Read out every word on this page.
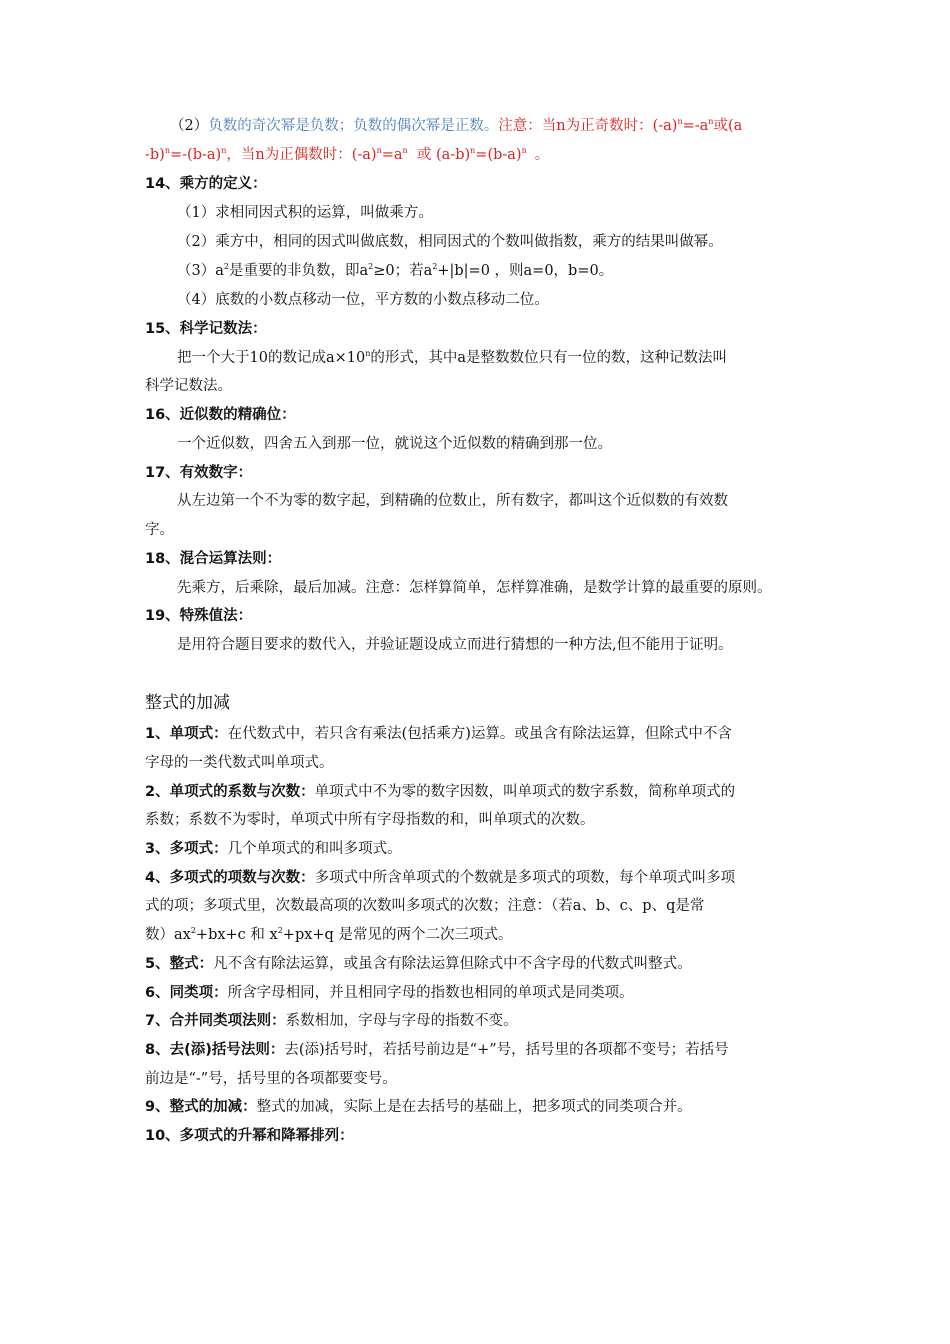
（2）负数的奇次幂是负数；负数的偶次幂是正数。注意：当n为正奇数时：$(-a)^n=-a^n$或(a
$-b)^n=-(b-a)^n$，当n为正偶数时：$(-a)^n=a^n$  或 $(a-b)^n=(b-a)^n$ 。
14、乘方的定义：
（1）求相同因式积的运算，叫做乘方。
（2）乘方中，相同的因式叫做底数，相同因式的个数叫做指数，乘方的结果叫做幂。
$(3)a^2$是重要的非负数，即$a^2\ge 0$；若$a^2+|b|=0$ ，则a=0，b=0。
（4）底数的小数点移动一位，平方数的小数点移动二位。
15、科学记数法：
把一个大于10的数记成$a\times 10^n$的形式，其中a是整数数位只有一位的数，这种记数法叫
科学记数法。
16、近似数的精确位：
一个近似数，四舍五入到那一位，就说这个近似数的精确到那一位。
17、有效数字：
从左边第一个不为零的数字起，到精确的位数止，所有数字，都叫这个近似数的有效数
字。
18、混合运算法则：
先乘方，后乘除，最后加减。注意：怎样算简单，怎样算准确，是数学计算的最重要的原则。
19、特殊值法：
是用符合题目要求的数代入，并验证题设成立而进行猜想的一种方法,但不能用于证明。
整式的加减
1、单项式：在代数式中，若只含有乘法(包括乘方)运算。或虽含有除法运算，但除式中不含
字母的一类代数式叫单项式。
2、单项式的系数与次数：单项式中不为零的数字因数，叫单项式的数字系数，简称单项式的
系数；系数不为零时，单项式中所有字母指数的和，叫单项式的次数。
3、多项式：几个单项式的和叫多项式。
4、多项式的项数与次数：多项式中所含单项式的个数就是多项式的项数，每个单项式叫多项
式的项；多项式里，次数最高项的次数叫多项式的次数；注意：（若a、b、c、p、q是常
数）$ax^2+bx+c$ 和 $x^2+px+q$ 是常见的两个二次三项式。
5、整式：凡不含有除法运算，或虽含有除法运算但除式中不含字母的代数式叫整式。
6、同类项：所含字母相同，并且相同字母的指数也相同的单项式是同类项。
7、合并同类项法则：系数相加，字母与字母的指数不变。
8、去(添)括号法则：去(添)括号时，若括号前边是“+”号，括号里的各项都不变号；若括号
前边是“-”号，括号里的各项都要变号。
9、整式的加减：整式的加减，实际上是在去括号的基础上，把多项式的同类项合并。
10、多项式的升幂和降幂排列：
